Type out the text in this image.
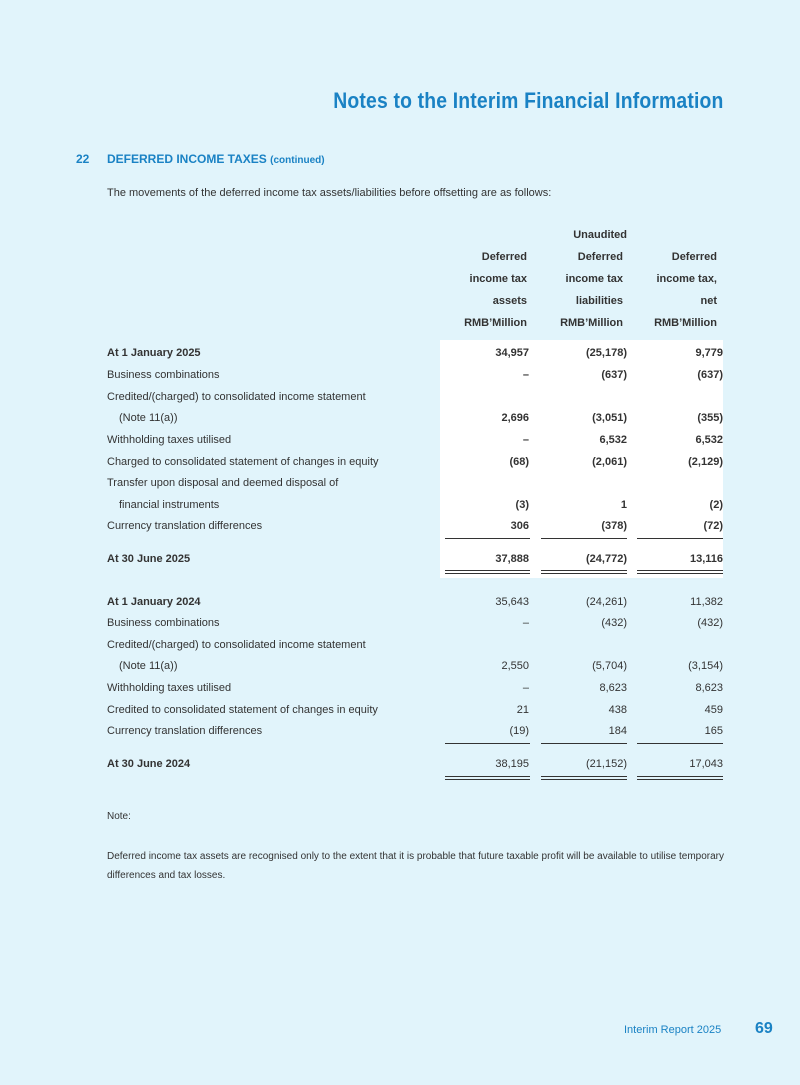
Notes to the Interim Financial Information
22 DEFERRED INCOME TAXES (continued)
The movements of the deferred income tax assets/liabilities before offsetting are as follows:
Unaudited
Deferred
income tax
assets
RMB’Million
Deferred
income tax
liabilities
RMB’Million
Deferred
income tax,
net
RMB’Million
At 1 January 2025	34,957	(25,178)	9,779
Business combinations	–	(637)	(637)
Credited/(charged) to consolidated income statement
(Note 11(a))	2,696	(3,051)	(355)
Withholding taxes utilised	–	6,532	6,532
Charged to consolidated statement of changes in equity	(68)	(2,061)	(2,129)
Transfer upon disposal and deemed disposal of
financial instruments	(3)	1	(2)
Currency translation differences	306	(378)	(72)
At 30 June 2025	37,888	(24,772)	13,116
At 1 January 2024	35,643	(24,261)	11,382
Business combinations	–	(432)	(432)
Credited/(charged) to consolidated income statement
(Note 11(a))	2,550	(5,704)	(3,154)
Withholding taxes utilised	–	8,623	8,623
Credited to consolidated statement of changes in equity	21	438	459
Currency translation differences	(19)	184	165
At 30 June 2024	38,195	(21,152)	17,043
Note:
Deferred income tax assets are recognised only to the extent that it is probable that future taxable profit will be available to utilise temporary differences and tax losses.
Interim Report 2025 69
